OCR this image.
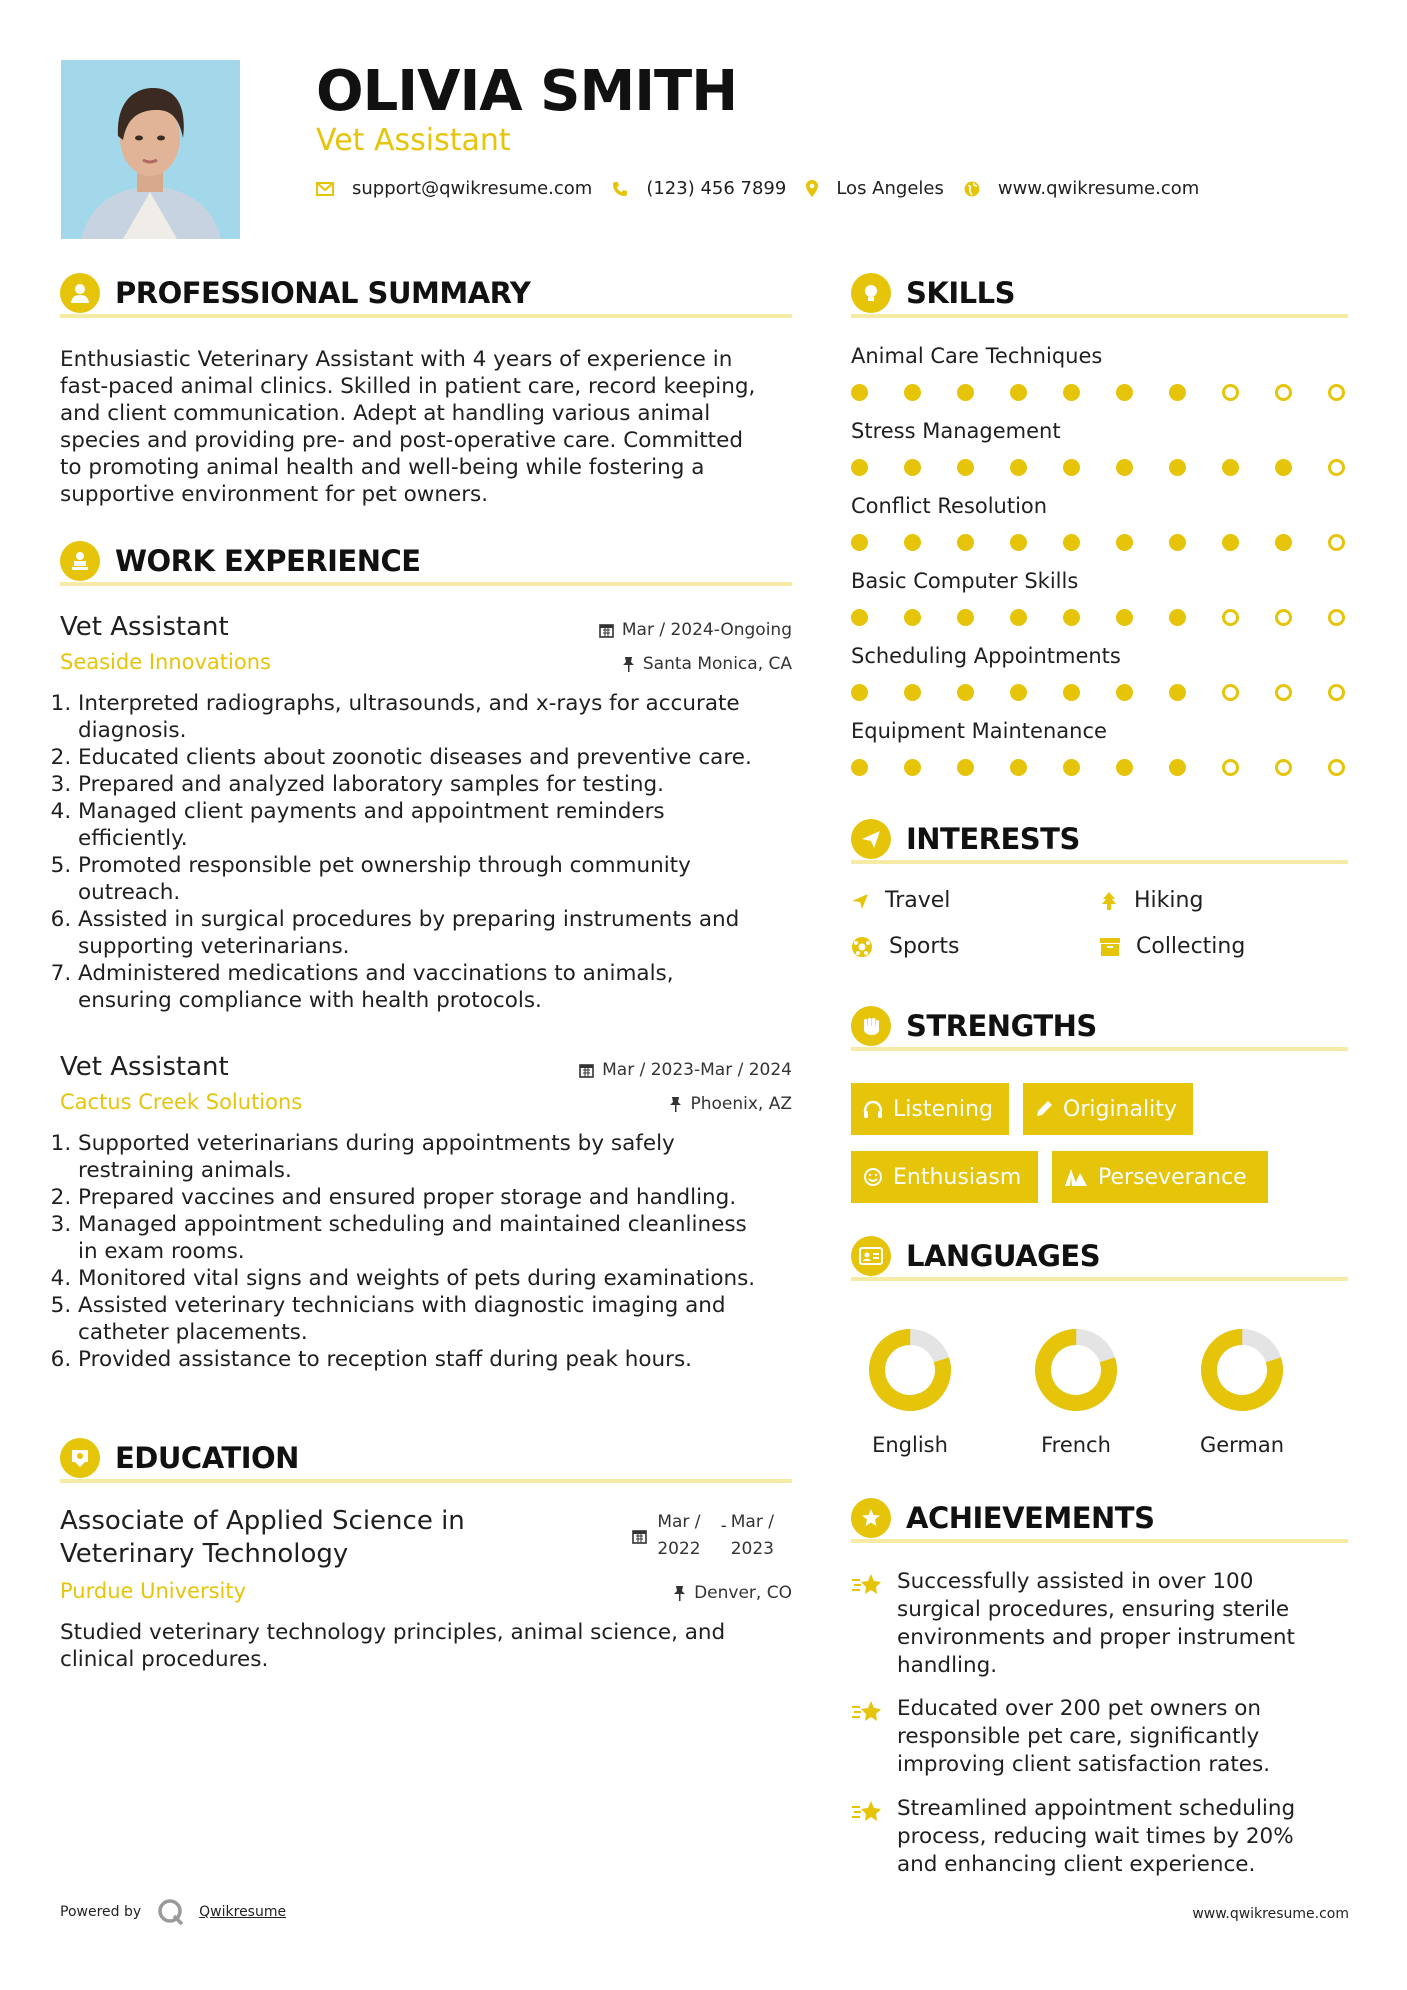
OLIVIA SMITH
Vet Assistant
support@qwikresume.com	(123) 456 7899	Los Angeles	www.qwikresume.com
PROFESSIONAL SUMMARY
Enthusiastic Veterinary Assistant with 4 years of experience in
fast-paced animal clinics. Skilled in patient care, record keeping,
and client communication. Adept at handling various animal
species and providing pre- and post-operative care. Committed
to promoting animal health and well-being while fostering a
supportive environment for pet owners.
WORK EXPERIENCE
Vet Assistant	Mar / 2024-Ongoing
Seaside Innovations	Santa Monica, CA
1. Interpreted radiographs, ultrasounds, and x-rays for accurate
diagnosis.
2. Educated clients about zoonotic diseases and preventive care.
3. Prepared and analyzed laboratory samples for testing.
4. Managed client payments and appointment reminders
efficiently.
5. Promoted responsible pet ownership through community
outreach.
6. Assisted in surgical procedures by preparing instruments and
supporting veterinarians.
7. Administered medications and vaccinations to animals,
ensuring compliance with health protocols.
Vet Assistant	Mar / 2023-Mar / 2024
Cactus Creek Solutions	Phoenix, AZ
1. Supported veterinarians during appointments by safely
restraining animals.
2. Prepared vaccines and ensured proper storage and handling.
3. Managed appointment scheduling and maintained cleanliness
in exam rooms.
4. Monitored vital signs and weights of pets during examinations.
5. Assisted veterinary technicians with diagnostic imaging and
catheter placements.
6. Provided assistance to reception staff during peak hours.
EDUCATION
Associate of Applied Science in
Veterinary Technology
Mar /
2022
- Mar /
2023
Purdue University	Denver, CO
Studied veterinary technology principles, animal science, and
clinical procedures.
SKILLS
Animal Care Techniques
Stress Management
Conflict Resolution
Basic Computer Skills
Scheduling Appointments
Equipment Maintenance
INTERESTS
Travel	Hiking
Sports	Collecting
STRENGTHS
Listening	Originality
Enthusiasm	Perseverance
LANGUAGES
English	French	German
ACHIEVEMENTS
Successfully assisted in over 100
surgical procedures, ensuring sterile
environments and proper instrument
handling.
Educated over 200 pet owners on
responsible pet care, significantly
improving client satisfaction rates.
Streamlined appointment scheduling
process, reducing wait times by 20%
and enhancing client experience.
Powered by	Qwikresume	www.qwikresume.com
